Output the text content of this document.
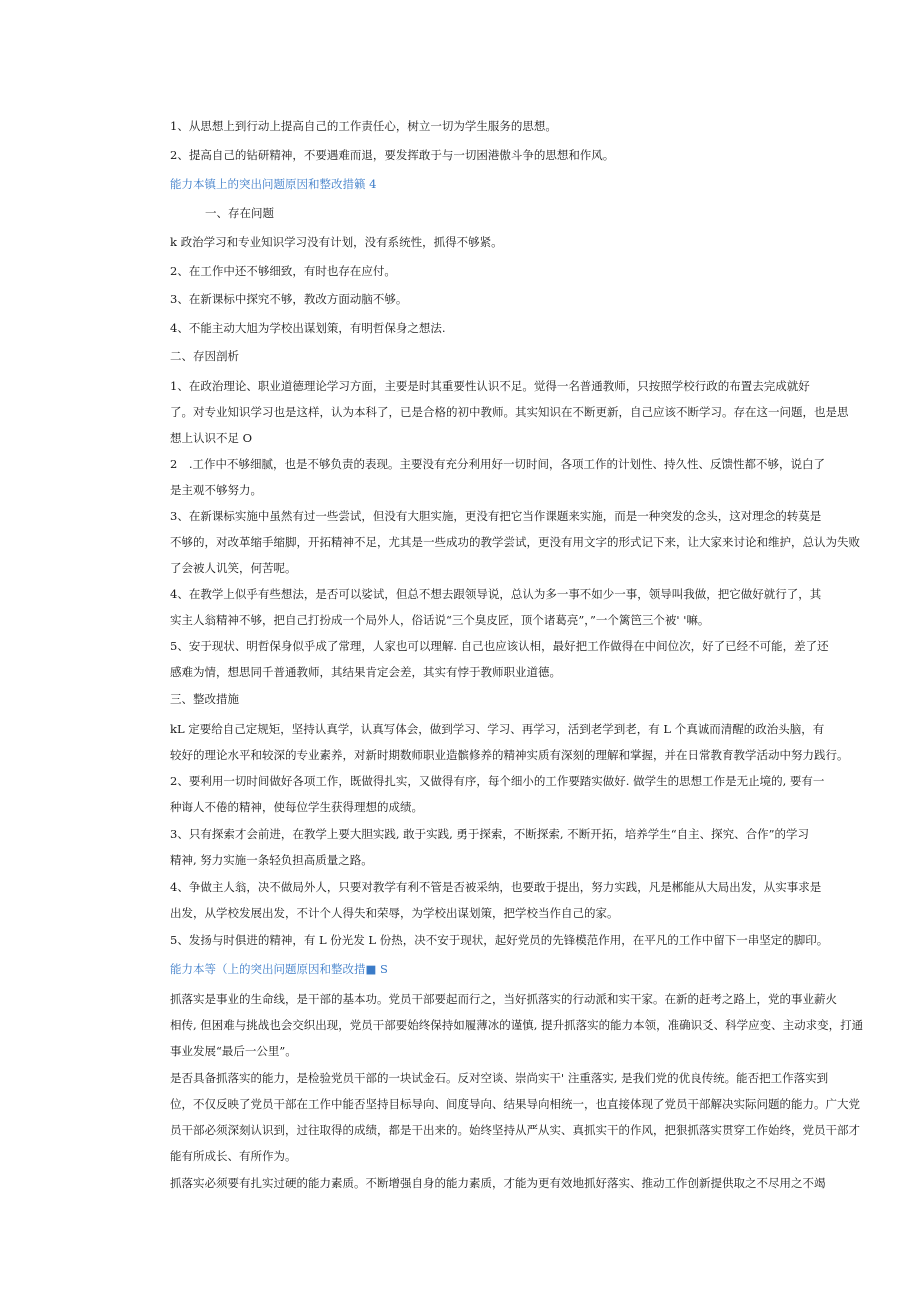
1、从思想上到行动上提高自己的工作责任心，树立一切为学生服务的思想。
2、提高自己的钻研精神，不要遇难而退，要发挥敢于与一切困港傲斗争的思想和作风。
能力本镇上的突出问题原因和整改措籁 4
一、存在问题
k 政治学习和专业知识学习没有计划，没有系统性，抓得不够紧。
2、在工作中还不够细致，有时也存在应付。
3、在新课标中探究不够，教改方面动脑不够。
4、不能主动大旭为学校出谋划策，有明哲保身之想法.
二、存因剖析
1、在政治理论、职业道德理论学习方面，主要是时其重要性认识不足。觉得一名普通教师，只按照学校行政的布置去完成就好
了。对专业知识学习也是这样，认为本科了，已是合格的初中教师。其实知识在不断更新，自己应该不断学习。存在这一问题，也是思
想上认识不足 O
2　.工作中不够细腻，也是不够负责的表现。主要没有充分利用好一切时间，各项工作的计划性、持久性、反馈性都不够，说白了
是主观不够努力。
3、在新课标实施中虽然有过一些尝试，但没有大胆实施，更没有把它当作课题来实施，而是一种突发的念头，这对理念的转莫是
不够的，对改革缩手缩脚，开拓精神不足，尤其是一些成功的教学尝试，更没有用文字的形式记下来，让大家来讨论和维护，总认为失败
了会被人讥笑，何苦呢。
4、在教学上似乎有些想法，是否可以娑试，但总不想去跟领导说，总认为多一事不如少一事，领导叫我做，把它做好就行了，其
实主人翁精神不够，把自己打扮成一个局外人，俗话说“三个臭皮匠，顶个诸葛亮”，”一个篱笆三个被' '嘛。
5、安于现状、明哲保身似乎成了常理，人家也可以理解. 自己也应该认相，最好把工作做得在中间位次，好了已经不可能，差了还
感难为情，想思同千普通教师，其结果肯定会差，其实有悖于教师职业道德。
三、整改措施
kL 定要给自己定规矩，坚持认真学，认真写体会，做到学习、学习、再学习，活到老学到老，有 L 个真诚而清醒的政治头脑，有
较好的理论水平和较深的专业素养，对新时期数师职业造髌修养的精神实质有深刻的理解和掌握，并在日常教育教学活动中努力践行。
2、要利用一切时间做好各项工作，既做得扎实，又做得有序，每个细小的工作要踏实做好. 做学生的思想工作是无止境的, 要有一
种诲人不倦的精神，使每位学生获得理想的成绩。
3、只有探索才会前进，在教学上要大胆实践, 敢于实践, 勇于探索，不断探索, 不断开拓，培养学生“自主、探究、合作”的学习
精神, 努力实施一条轻负担高质量之路。
4、争做主人翁，决不做局外人，只要对教学有利不管是否被采纳，也要敢于提出，努力实践，凡是郴能从大局出发，从实事求是
出发，从学校发展出发，不计个人得失和荣辱，为学校出谋划策，把学校当作自己的家。
5、发扬与时俱进的精神，有 L 份光发 L 份热，决不安于现状，起好党员的先锋模范作用，在平凡的工作中留下一串坚定的脚印。
能力本等（上的突出问题原因和整改措■ S
抓落实是事业的生命线，是干部的基本功。党员干部要起而行之，当好抓落实的行动派和实干家。在新的赶考之路上，党的事业薪火
相传, 但困难与挑战也会交织出现，党员干部要始终保持如履薄冰的谨慎, 提升抓落实的能力本领，准确识爻、科学应变、主动求变，打通
事业发展“最后一公里”。
是否具备抓落实的能力，是检验党员干部的一块试金石。反对空谈、崇尚实干' 注重落实, 是我们党的优良传统。能否把工作落实到
位，不仅反映了党员干部在工作中能否坚持目标导向、间度导向、结果导向相统一，也直接体现了党员干部解决实际问题的能力。广大党
员干部必须深刻认识到，过往取得的成绩，都是干出来的。始终坚持从严从实、真抓实干的作风，把狠抓落实贯穿工作始终，党员干部才
能有所成长、有所作为。
抓落实必须要有扎实过硬的能力素质。不断增强自身的能力素质，才能为更有效地抓好落实、推动工作创新提供取之不尽用之不竭
